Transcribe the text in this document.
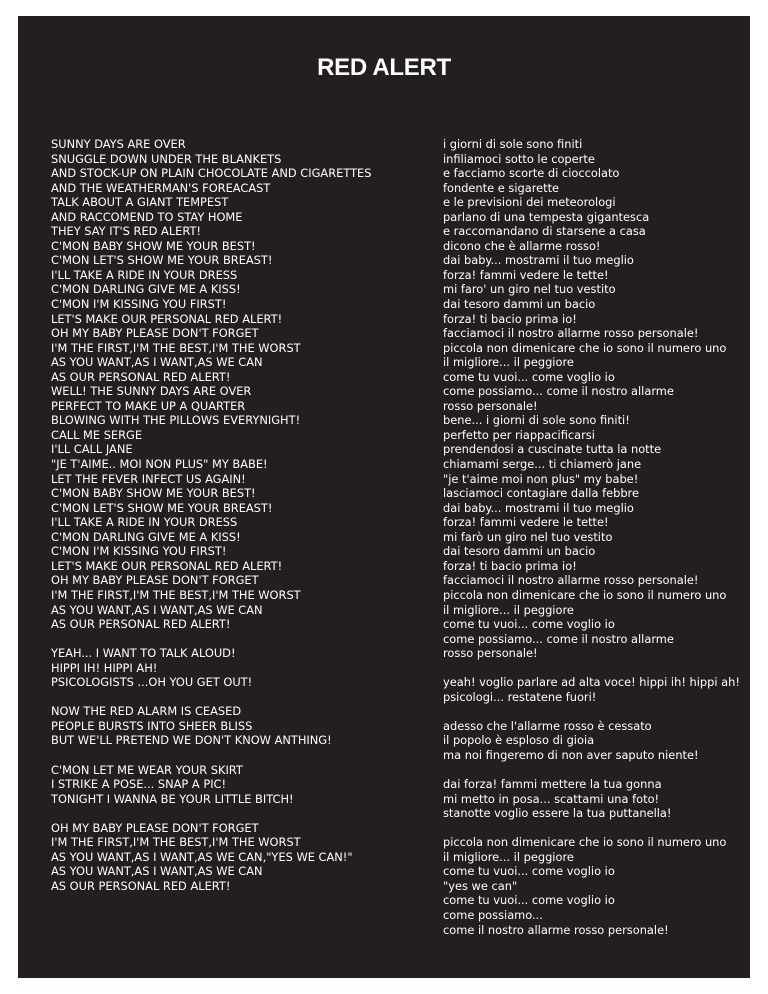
RED ALERT
SUNNY DAYS ARE OVER
SNUGGLE DOWN UNDER THE BLANKETS
AND STOCK-UP ON PLAIN CHOCOLATE AND CIGARETTES
AND THE WEATHERMAN'S FOREACAST
TALK ABOUT A GIANT TEMPEST
AND RACCOMEND TO STAY HOME
THEY SAY IT'S RED ALERT!
C'MON BABY SHOW ME YOUR BEST!
C'MON LET'S SHOW ME YOUR BREAST!
I'LL TAKE A RIDE IN YOUR DRESS
C'MON DARLING GIVE ME A KISS!
C'MON I'M KISSING YOU FIRST!
LET'S MAKE OUR PERSONAL RED ALERT!
OH MY BABY PLEASE DON'T FORGET
I'M THE FIRST,I'M THE BEST,I'M THE WORST
AS YOU WANT,AS I WANT,AS WE CAN
AS OUR PERSONAL RED ALERT!
WELL! THE SUNNY DAYS ARE OVER
PERFECT TO MAKE UP A QUARTER
BLOWING WITH THE PILLOWS EVERYNIGHT!
CALL ME SERGE
I'LL CALL JANE
"JE T'AIME.. MOI NON PLUS" MY BABE!
LET THE FEVER INFECT US AGAIN!
C'MON BABY SHOW ME YOUR BEST!
C'MON LET'S SHOW ME YOUR BREAST!
I'LL TAKE A RIDE IN YOUR DRESS
C'MON DARLING GIVE ME A KISS!
C'MON I'M KISSING YOU FIRST!
LET'S MAKE OUR PERSONAL RED ALERT!
OH MY BABY PLEASE DON'T FORGET
I'M THE FIRST,I'M THE BEST,I'M THE WORST
AS YOU WANT,AS I WANT,AS WE CAN
AS OUR PERSONAL RED ALERT!
YEAH... I WANT TO TALK ALOUD!
HIPPI IH! HIPPI AH!
PSICOLOGISTS ...OH YOU GET OUT!
NOW THE RED ALARM IS CEASED
PEOPLE BURSTS INTO SHEER BLISS
BUT WE'LL PRETEND WE DON'T KNOW ANTHING!
C'MON LET ME WEAR YOUR SKIRT
I STRIKE A POSE... SNAP A PIC!
TONIGHT I WANNA BE YOUR LITTLE BITCH!
OH MY BABY PLEASE DON'T FORGET
I'M THE FIRST,I'M THE BEST,I'M THE WORST
AS YOU WANT,AS I WANT,AS WE CAN,"YES WE CAN!"
AS YOU WANT,AS I WANT,AS WE CAN
AS OUR PERSONAL RED ALERT!
i giorni di sole sono finiti
infiliamoci sotto le coperte
e facciamo scorte di cioccolato
fondente e sigarette
e le previsioni dei meteorologi
parlano di una tempesta gigantesca
e raccomandano di starsene a casa
dicono che è allarme rosso!
dai baby... mostrami il tuo meglio
forza! fammi vedere le tette!
mi faro' un giro nel tuo vestito
dai tesoro dammi un bacio
forza! ti bacio prima io!
facciamoci il nostro allarme rosso personale!
piccola non dimenicare che io sono il numero uno
il migliore... il peggiore
come tu vuoi... come voglio io
come possiamo... come il nostro allarme
rosso personale!
bene... i giorni di sole sono finiti!
perfetto per riappacificarsi
prendendosi a cuscinate tutta la notte
chiamami serge... ti chiamerò jane
"je t'aime moi non plus" my babe!
lasciamoci contagiare dalla febbre
dai baby... mostrami il tuo meglio
forza! fammi vedere le tette!
mi farò un giro nel tuo vestito
dai tesoro dammi un bacio
forza! ti bacio prima io!
facciamoci il nostro allarme rosso personale!
piccola non dimenicare che io sono il numero uno
il migliore... il peggiore
come tu vuoi... come voglio io
come possiamo... come il nostro allarme
rosso personale!
yeah! voglio parlare ad alta voce! hippi ih! hippi ah!
psicologi... restatene fuori!
adesso che l'allarme rosso è cessato
il popolo è esploso di gioia
ma noi fingeremo di non aver saputo niente!
dai forza! fammi mettere la tua gonna
mi metto in posa... scattami una foto!
stanotte voglio essere la tua puttanella!
piccola non dimenicare che io sono il numero uno
il migliore... il peggiore
come tu vuoi... come voglio io
"yes we can"
come tu vuoi... come voglio io
come possiamo...
come il nostro allarme rosso personale!
